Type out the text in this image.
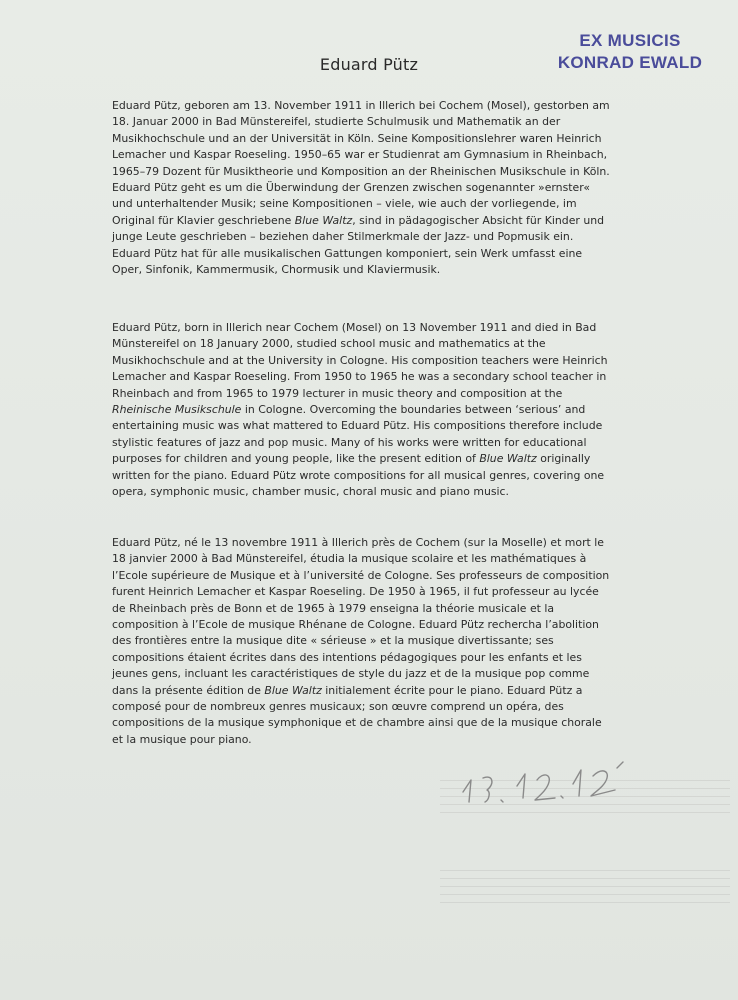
EX MUSICIS
KONRAD EWALD
Eduard Pütz

Eduard Pütz, geboren am 13. November 1911 in Illerich bei Cochem (Mosel), gestorben am 18. Januar 2000 in Bad Münstereifel, studierte Schulmusik und Mathematik an der Musikhochschule und an der Universität in Köln. Seine Kompositionslehrer waren Heinrich Lemacher und Kaspar Roeseling. 1950–65 war er Studienrat am Gymnasium in Rheinbach, 1965–79 Dozent für Musiktheorie und Komposition an der Rheinischen Musikschule in Köln. Eduard Pütz geht es um die Überwindung der Grenzen zwischen sogenannter »ernster« und unterhaltender Musik; seine Kompositionen – viele, wie auch der vorliegende, im Original für Klavier geschriebene Blue Waltz, sind in pädagogischer Absicht für Kinder und junge Leute geschrieben – beziehen daher Stilmerkmale der Jazz- und Popmusik ein. Eduard Pütz hat für alle musikalischen Gattungen komponiert, sein Werk umfasst eine Oper, Sinfonik, Kammermusik, Chormusik und Klaviermusik.

Eduard Pütz, born in Illerich near Cochem (Mosel) on 13 November 1911 and died in Bad Münstereifel on 18 January 2000, studied school music and mathematics at the Musikhochschule and at the University in Cologne. His composition teachers were Heinrich Lemacher and Kaspar Roeseling. From 1950 to 1965 he was a secondary school teacher in Rheinbach and from 1965 to 1979 lecturer in music theory and composition at the Rheinische Musikschule in Cologne. Overcoming the boundaries between ‘serious’ and entertaining music was what mattered to Eduard Pütz. His compositions therefore include stylistic features of jazz and pop music. Many of his works were written for educational purposes for children and young people, like the present edition of Blue Waltz originally written for the piano. Eduard Pütz wrote compositions for all musical genres, covering one opera, symphonic music, chamber music, choral music and piano music.

Eduard Pütz, né le 13 novembre 1911 à Illerich près de Cochem (sur la Moselle) et mort le 18 janvier 2000 à Bad Münstereifel, étudia la musique scolaire et les mathématiques à l’Ecole supérieure de Musique et à l’université de Cologne. Ses professeurs de composition furent Heinrich Lemacher et Kaspar Roeseling. De 1950 à 1965, il fut professeur au lycée de Rheinbach près de Bonn et de 1965 à 1979 enseigna la théorie musicale et la composition à l’Ecole de musique Rhénane de Cologne. Eduard Pütz rechercha l’abolition des frontières entre la musique dite « sérieuse » et la musique divertissante; ses compositions étaient écrites dans des intentions pédagogiques pour les enfants et les jeunes gens, incluant les caractéristiques de style du jazz et de la musique pop comme dans la présente édition de Blue Waltz initialement écrite pour le piano. Eduard Pütz a composé pour de nombreux genres musicaux; son œuvre comprend un opéra, des compositions de la musique symphonique et de chambre ainsi que de la musique chorale et la musique pour piano.
